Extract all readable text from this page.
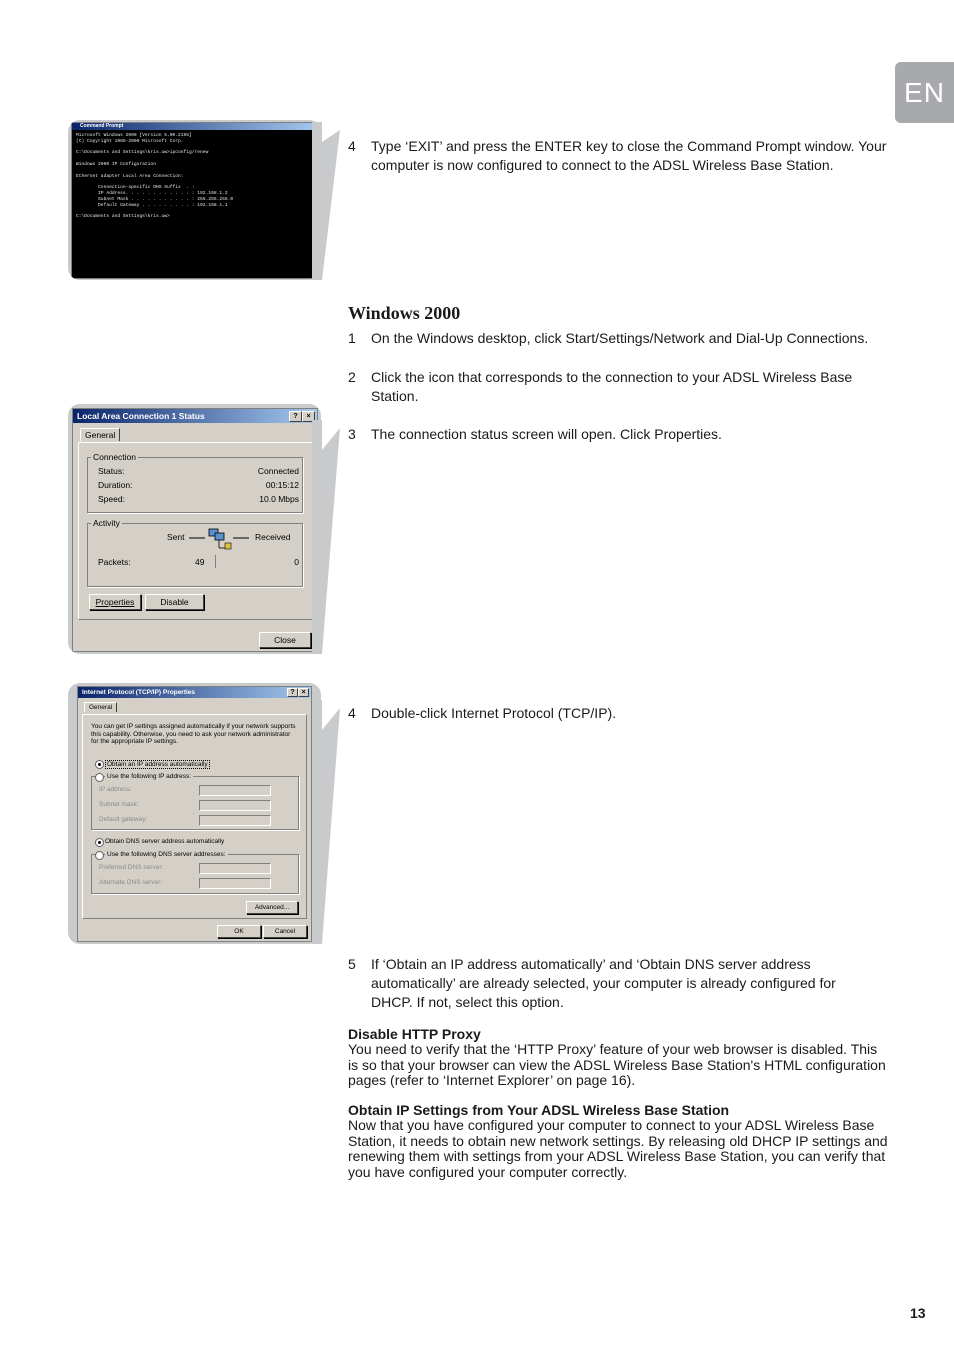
EN
Command Prompt
Microsoft Windows 2000 [Version 5.00.2195]
(C) Copyright 1985-2000 Microsoft Corp.

C:\Documents and Settings\kris.uw>ipconfig/renew

Windows 2000 IP Configuration

Ethernet adapter Local Area Connection:

Connection-specific DNS Suffix  . :
IP Address. . . . . . . . . . . . : 192.168.1.2
Subnet Mask . . . . . . . . . . . : 255.255.255.0
Default Gateway . . . . . . . . . : 192.168.1.1

C:\Documents and Settings\kris.uw>
4 Type ‘EXIT’ and press the ENTER key to close the Command Prompt window. Your computer is now configured to connect to the ADSL Wireless Base Station.
Windows 2000
1 On the Windows desktop, click Start/Settings/Network and Dial-Up Connections.
2 Click the icon that corresponds to the connection to your ADSL Wireless Base Station.
3 The connection status screen will open. Click Properties.
Local Area Connection 1 Status	?	×
General
Connection
Status:	Connected
Duration:	00:15:12
Speed:	10.0 Mbps
Activity
Sent	Received
Packets:	49	0
Properties	Disable
Close
Internet Protocol (TCP/IP) Properties	? ×
General
You can get IP settings assigned automatically if your network supports this capability. Otherwise, you need to ask your network administrator for the appropriate IP settings.
Obtain an IP address automatically
Use the following IP address:
IP address:
Subnet mask:
Default gateway:
Obtain DNS server address automatically
Use the following DNS server addresses:
Preferred DNS server:
Alternate DNS server:
Advanced...
OK	Cancel
4 Double-click Internet Protocol (TCP/IP).
5 If ‘Obtain an IP address automatically’ and ‘Obtain DNS server address automatically’ are already selected, your computer is already configured for DHCP. If not, select this option.
Disable HTTP Proxy
You need to verify that the ‘HTTP Proxy’ feature of your web browser is disabled. This is so that your browser can view the ADSL Wireless Base Station's HTML configuration pages (refer to ‘Internet Explorer’ on page 16).
Obtain IP Settings from Your ADSL Wireless Base Station
Now that you have configured your computer to connect to your ADSL Wireless Base Station, it needs to obtain new network settings. By releasing old DHCP IP settings and renewing them with settings from your ADSL Wireless Base Station, you can verify that you have configured your computer correctly.
13
